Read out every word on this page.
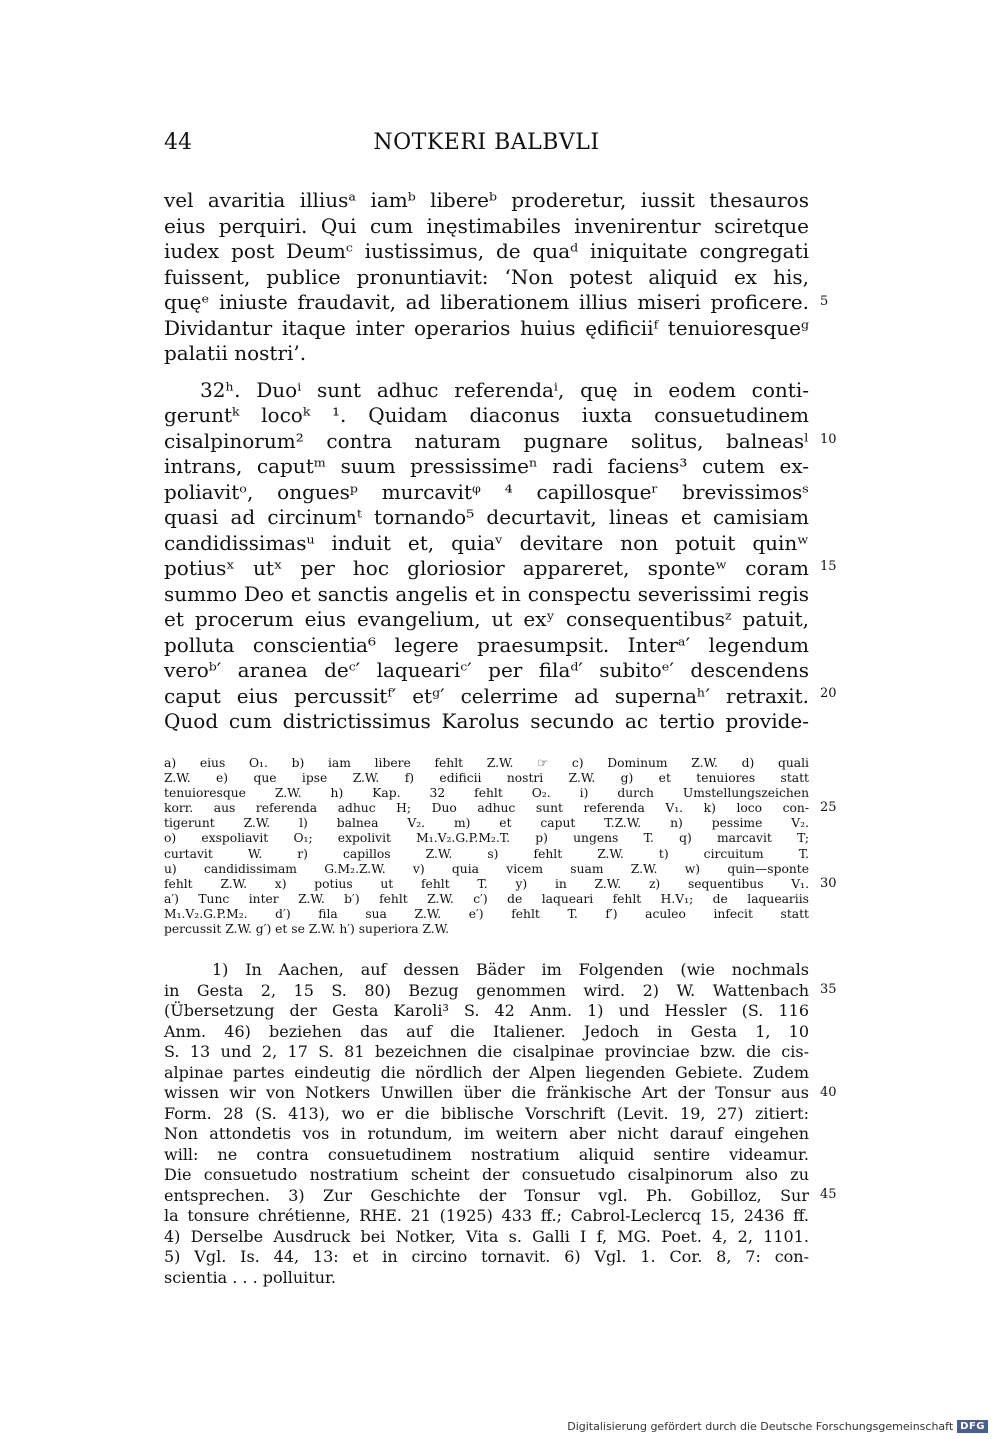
44	NOTKERI BALBVLI
vel avaritia illiusᵃ iamᵇ libereᵇ proderetur, iussit thesauros
eius perquiri. Qui cum inęstimabiles invenirentur sciretque
iudex post Deumᶜ iustissimus, de quaᵈ iniquitate congregati
fuissent, publice pronuntiavit: ‘Non potest aliquid ex his,
quęᵉ iniuste fraudavit, ad liberationem illius miseri proficere.
Dividantur itaque inter operarios huius ędificiiᶠ tenuioresqueᵍ
palatii nostri’.
32ʰ. Duoⁱ sunt adhuc referendaⁱ, quę in eodem conti-
geruntᵏ locoᵏ ¹. Quidam diaconus iuxta consuetudinem
cisalpinorum² contra naturam pugnare solitus, balneasˡ
intrans, caputᵐ suum pressissimeⁿ radi faciens³ cutem ex-
poliavitᵒ, onguesᵖ murcavitᵠ ⁴ capillosqueʳ brevissimosˢ
quasi ad circinumᵗ tornando⁵ decurtavit, lineas et camisiam
candidissimasᵘ induit et, quiaᵛ devitare non potuit quinʷ
potiusˣ utˣ per hoc gloriosior appareret, sponteʷ coram
summo Deo et sanctis angelis et in conspectu severissimi regis
et procerum eius evangelium, ut exʸ consequentibusᶻ patuit,
polluta conscientia⁶ legere praesumpsit. Interᵃ′ legendum
veroᵇ′ aranea deᶜ′ laqueariᶜ′ per filaᵈ′ subitoᵉ′ descendens
caput eius percussitᶠ′ etᵍ′ celerrime ad supernaʰ′ retraxit.
Quod cum districtissimus Karolus secundo ac tertio provide-
5
10
15
20
a) eius O₁. b) iam libere fehlt Z.W. ☞ c) Dominum Z.W. d) quali
Z.W. e) que ipse Z.W. f) edificii nostri Z.W. g) et tenuiores statt
tenuioresque Z.W. h) Kap. 32 fehlt O₂. i) durch Umstellungszeichen
korr. aus referenda adhuc H; Duo adhuc sunt referenda V₁. k) loco con-
tigerunt Z.W. l) balnea V₂. m) et caput T.Z.W. n) pessime V₂.
o) exspoliavit O₁; expolivit M₁.V₂.G.P.M₂.T. p) ungens T. q) marcavit T;
curtavit W. r) capillos Z.W. s) fehlt Z.W. t) circuitum T.
u) candidissimam G.M₂.Z.W. v) quia vicem suam Z.W. w) quin—sponte
fehlt Z.W. x) potius ut fehlt T. y) in Z.W. z) sequentibus V₁.
a′) Tunc inter Z.W. b′) fehlt Z.W. c′) de laqueari fehlt H.V₁; de laqueariis
M₁.V₂.G.P.M₂. d′) fila sua Z.W. e′) fehlt T. f′) aculeo infecit statt
percussit Z.W. g′) et se Z.W. h′) superiora Z.W.
25
30
1) In Aachen, auf dessen Bäder im Folgenden (wie nochmals
in Gesta 2, 15 S. 80) Bezug genommen wird. 2) W. Wattenbach
(Übersetzung der Gesta Karoli³ S. 42 Anm. 1) und Hessler (S. 116
Anm. 46) beziehen das auf die Italiener. Jedoch in Gesta 1, 10
S. 13 und 2, 17 S. 81 bezeichnen die cisalpinae provinciae bzw. die cis-
alpinae partes eindeutig die nördlich der Alpen liegenden Gebiete. Zudem
wissen wir von Notkers Unwillen über die fränkische Art der Tonsur aus
Form. 28 (S. 413), wo er die biblische Vorschrift (Levit. 19, 27) zitiert:
Non attondetis vos in rotundum, im weitern aber nicht darauf eingehen
will: ne contra consuetudinem nostratium aliquid sentire videamur.
Die consuetudo nostratium scheint der consuetudo cisalpinorum also zu
entsprechen. 3) Zur Geschichte der Tonsur vgl. Ph. Gobilloz, Sur
la tonsure chrétienne, RHE. 21 (1925) 433 ff.; Cabrol-Leclercq 15, 2436 ff.
4) Derselbe Ausdruck bei Notker, Vita s. Galli I f, MG. Poet. 4, 2, 1101.
5) Vgl. Is. 44, 13: et in circino tornavit. 6) Vgl. 1. Cor. 8, 7: con-
scientia . . . polluitur.
35
40
45
Digitalisierung gefördert durch die Deutsche Forschungsgemeinschaft DFG
